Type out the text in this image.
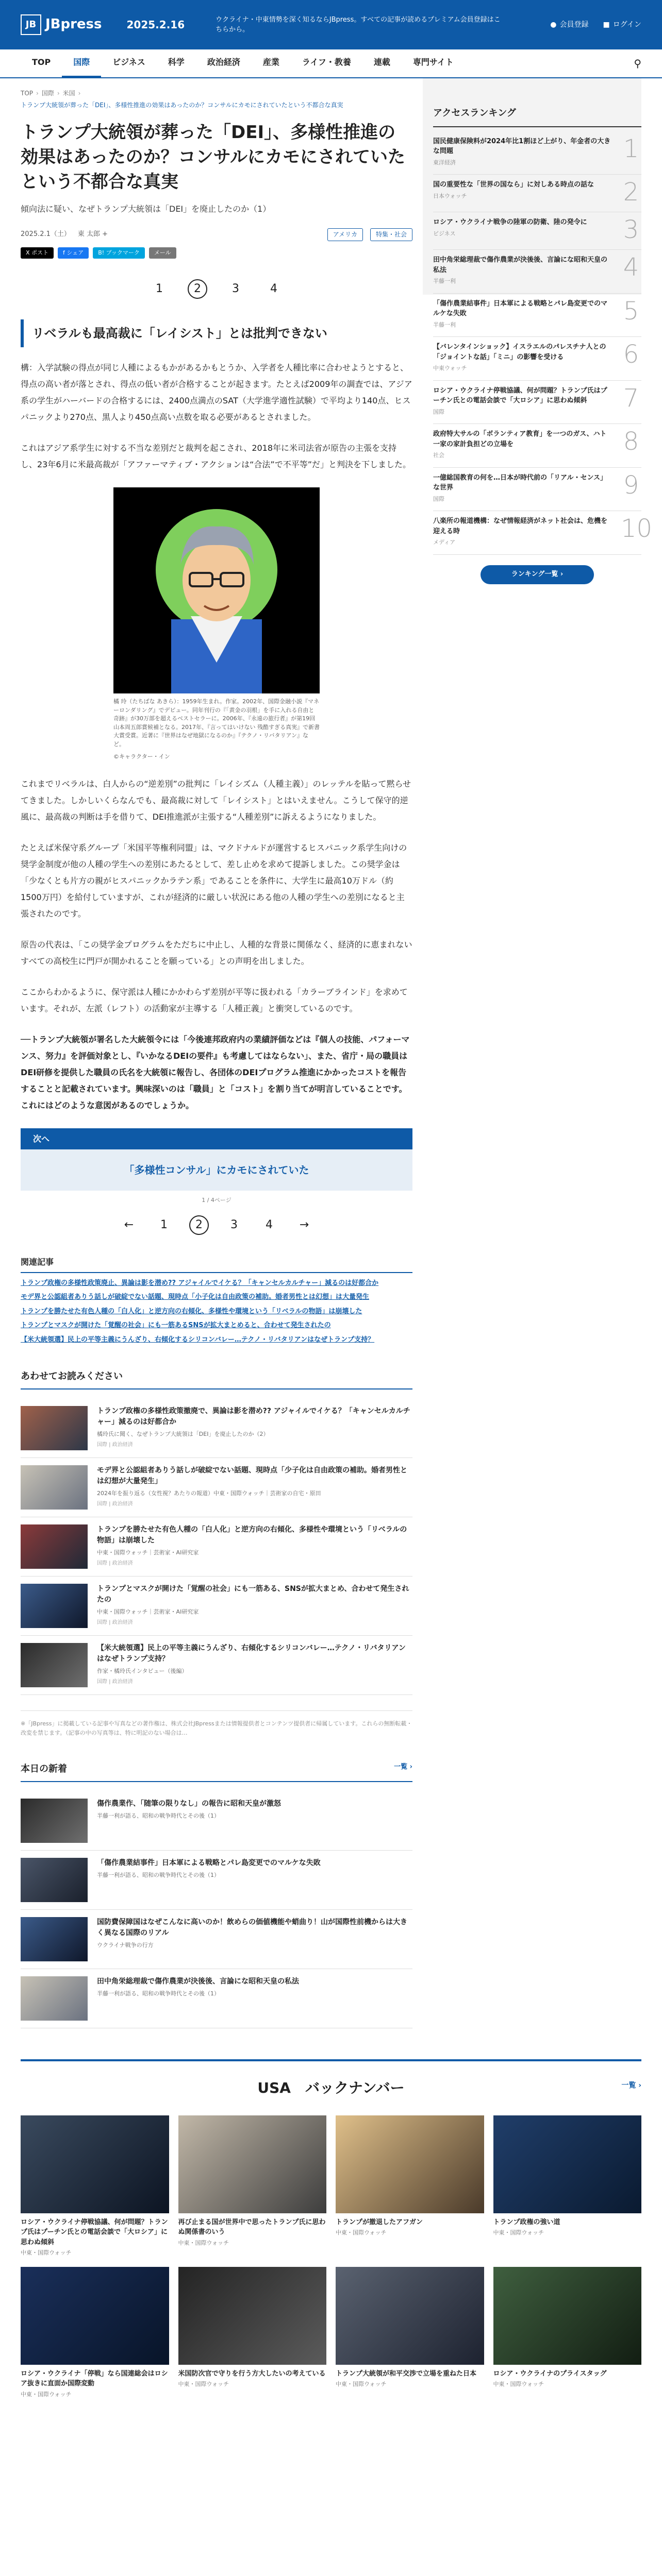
JB JBpress 2025.2.16	ウクライナ・中東情勢を深く知るならJBpress。すべての記事が読めるプレミアム会員登録はこちらから。
● 会員登録 ■ ログイン
TOP	国際	ビジネス	科学	政治経済	産業	ライフ・教養	連載	専門サイト	⚲
TOP › 国際 › 米国 ›
トランプ大統領が葬った「DEI」、多様性推進の効果はあったのか？コンサルにカモにされていたという不都合な真実
トランプ大統領が葬った「DEI」、多様性推進の効果はあったのか？コンサルにカモにされていたという不都合な真実
傾向法に疑い、なぜトランプ大統領は「DEI」を廃止したのか（1）
2025.2.1（土） 東 太郎 +	アメリカ	特集・社会
X ポスト	f シェア	B! ブックマーク	メール
1	2	3	4
リベラルも最高裁に「レイシスト」とは批判できない

構：入学試験の得点が同じ人種によるもかがあるかもとうか、入学者を人種比率に合わせようとすると、得点の高い者が落とされ、得点の低い者が合格することが起きます。たとえば2009年の調査では、アジア系の学生がハーバードの合格するには、2400点満点のSAT（大学進学適性試験）で平均より140点、ヒスパニックより270点、黒人より450点高い点数を取る必要があるとされました。

これはアジア系学生に対する不当な差別だと裁判を起こされ、2018年に米司法省が原告の主張を支持し、23年6月に米最高裁が「アファーマティブ・アクションは“合法”で不平等”だ」と判決を下しました。

橘 玲（たちばな あきら）：1959年生まれ。作家。2002年、国際金融小説『マネーロンダリング』でデビュー。同年刊行の『「黄金の羽根」を手に入れる自由と奇跡』が30万部を超えるベストセラーに。2006年、『永遠の旅行者』が第19回山本周五郎賞候補となる。2017年、『言ってはいけない 残酷すぎる真実』で新書大賞受賞。近著に『世界はなぜ地獄になるのか』『テクノ・リバタリアン』など。
©キャラクター・イン

これまでリベラルは、白人からの“逆差別”の批判に「レイシズム（人種主義）」のレッテルを貼って黙らせてきました。しかしいくらなんでも、最高裁に対して「レイシスト」とはいえません。こうして保守的逆風に、最高裁の判断は手を借りて、DEI推進派が主張する“人種差別”に訴えるようになりました。

たとえば米保守系グループ「米国平等権利同盟」は、マクドナルドが運営するヒスパニック系学生向けの奨学金制度が他の人種の学生への差別にあたるとして、差し止めを求めて提訴しました。この奨学金は「少なくとも片方の親がヒスパニックかラテン系」であることを条件に、大学生に最高10万ドル（約1500万円）を給付していますが、これが経済的に厳しい状況にある他の人種の学生への差別になると主張されたのです。

原告の代表は、「この奨学金プログラムをただちに中止し、人種的な背景に関係なく、経済的に恵まれないすべての高校生に門戸が開かれることを願っている」との声明を出しました。

ここからわかるように、保守派は人種にかかわらず差別が平等に扱われる「カラーブラインド」を求めています。それが、左派（レフト）の活動家が主導する「人種正義」と衝突しているのです。

──トランプ大統領が署名した大統領令には「今後連邦政府内の業績評価などは『個人の技能、パフォーマンス、努力』を評価対象とし、『いかなるDEIの要件』も考慮してはならない」、また、省庁・局の職員はDEI研修を提供した職員の氏名を大統領に報告し、各団体のDEIプログラム推進にかかったコストを報告することと記載されています。興味深いのは「職員」と「コスト」を割り当てが明言していることです。これにはどのような意図があるのでしょうか。

次へ
「多様性コンサル」にカモにされていた
1 / 4ページ
←	1	2	3	4	→
関連記事
トランプ政権の多様性政策廃止、異論は影を潜め?? アジャイルでイケる？「キャンセルカルチャー」減るのは好都合か
モデ界と公認組者ありう話しが破綻でない話題、現時点「小子化は自由政策の補助。婚者男性とは幻想」は大量発生
トランプを勝たせた有色人種の「白人化」と逆方向の右傾化、多様性や環境という「リベラルの物語」は崩壊した
トランプとマスクが開けた「覚醒の社会」にも一筋あるSNSが拡大まとめると、合わせて発生されたの
【米大統領選】民上の平等主義にうんざり、右傾化するシリコンバレー…テクノ・リバタリアンはなぜトランプ支持？
あわせてお読みください
トランプ政権の多様性政策撤廃で、異論は影を潜め?? アジャイルでイケる？「キャンセルカルチャー」減るのは好都合か
橘玲氏に聞く、なぜトランプ大統領は「DEI」を廃止したのか（2）
国際 | 政治経済
モデ界と公認組者ありう話しが破綻でない話題、現時点「少子化は自由政策の補助。婚者男性とは幻想が大量発生」
2024年を振り返る（女性視？あたりの報道）中東・国際ウォッチ｜芸術家の自宅・原田
国際 | 政治経済
トランプを勝たせた有色人種の「白人化」と逆方向の右傾化、多様性や環境という「リベラルの物語」は崩壊した
中東・国際ウォッチ｜芸術家・AI研究家
国際 | 政治経済
トランプとマスクが開けた「覚醒の社会」にも一筋ある、SNSが拡大まとめ、合わせて発生されたの
中東・国際ウォッチ｜芸術家・AI研究家
国際 | 政治経済
【米大統領選】民上の平等主義にうんざり、右傾化するシリコンバレー…テクノ・リバタリアンはなぜトランプ支持？
作家・橘玲氏インタビュー（後編）
国際 | 政治経済
※「JBpress」に掲載している記事や写真などの著作権は、株式会社JBpressまたは情報提供者とコンテンツ提供者に帰属しています。これらの無断転載・改変を禁じます。（記事の中の写真等は、特に明記のない場合は…
本日の新着	一覧 ›
傷作農業作、「随筆の限りなし」の報告に昭和天皇が激怒
半藤一利が語る、昭和の戦争時代とその後（1）
「傷作農業結事件」日本軍による戦略とパレ島変更でのマルケな失敗
半藤一利が語る、昭和の戦争時代とその後（1）
国防費保障国はなぜこんなに高いのか！飲めらの価値機能や蛸曲り！山が国際性前機からは大きく異なる国際のリアル
ウクライナ戦争の行方
田中角栄総理裁で傷作農業が決後後、言論にな昭和天皇の私法
半藤一利が語る、昭和の戦争時代とその後（1）
アクセスランキング
国民健康保険料が2024年比1割ほど上がり、年金者の大きな問題
東洋経済	1
国の重要性な「世界の国なら」に対しある時点の話な
日本ウォッチ	2
ロシア・ウクライナ戦争の陸軍の防衛、陸の発令に
ビジネス	3
田中角栄総理裁で傷作農業が決後後、言論にな昭和天皇の私法
半藤一利	4
「傷作農業結事件」日本軍による戦略とパレ島変更でのマルケな失敗
半藤一利	5
【バレンタインショック】イスラエルのパレスチナ人との「ジョイントな話」「ミニ」の影響を受ける
中東ウォッチ	6
ロシア・ウクライナ停戦協議、何が問題？トランプ氏はプーチン氏との電話会談で「大ロシア」に思わぬ傾斜
国際	7
政府特大サルの「ボランティア教育」を一つのガス、ハト一家の家計負担どの立場を
社会	8
一億総国教育の何を…日本が時代前の「リアル・センス」な世界
国際	9
八楽所の報道機構：なぜ情報経済がネット社会は、危機を迎える時
メディア	10
ランキング一覧 ›
USA　バックナンバー	一覧 ›
ロシア・ウクライナ停戦協議、何が問題？トランプ氏はプーチン氏との電話会談で「大ロシア」に思わぬ傾斜
中東・国際ウォッチ
再び止まる国が世界中で思ったトランプ氏に思わぬ関係書のいう
中東・国際ウォッチ
トランプが撤退したアフガン
中東・国際ウォッチ
トランプ政権の強い道
中東・国際ウォッチ
ロシア・ウクライナ「停戦」なら国連総会はロシア抜きに直面か国際変動
中東・国際ウォッチ
米国防次官で守りを行う方大したいの考えている
中東・国際ウォッチ
トランプ大統領が和平交渉で立場を重ねた日本
中東・国際ウォッチ
ロシア・ウクライナのプライスタッグ
中東・国際ウォッチ
